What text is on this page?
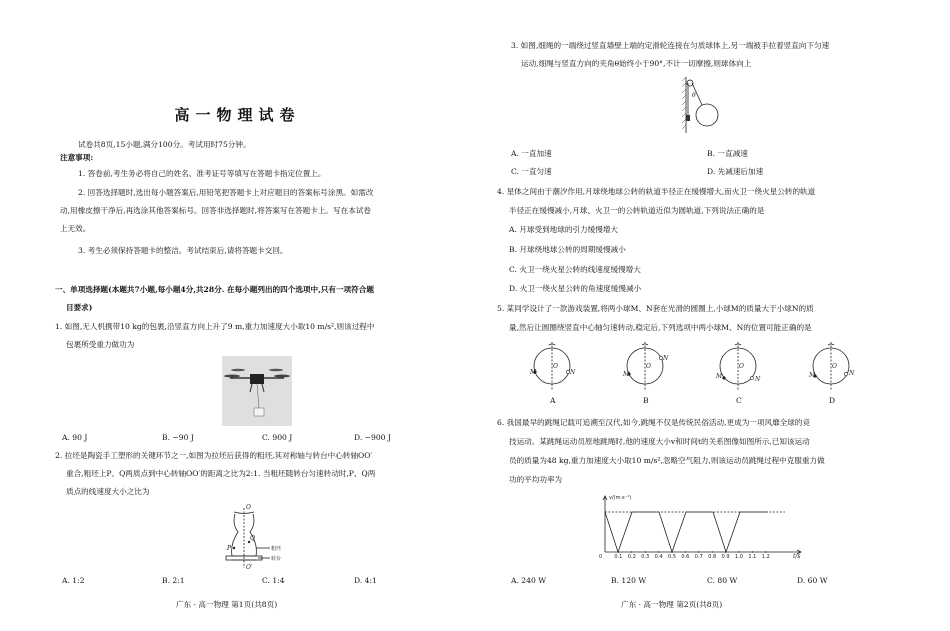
高一物理试卷
试卷共8页,15小题,满分100分。考试用时75分钟。
注意事项:
1. 答卷前,考生务必将自己的姓名、准考证号等填写在答题卡指定位置上。
2. 回答选择题时,选出每小题答案后,用铅笔把答题卡上对应题目的答案标号涂黑。如需改
动,用橡皮擦干净后,再选涂其他答案标号。回答非选择题时,将答案写在答题卡上。写在本试卷
上无效。
3. 考生必须保持答题卡的整洁。考试结束后,请将答题卡交回。
一、单项选择题(本题共7小题,每小题4分,共28分. 在每小题列出的四个选项中,只有一项符合题
目要求)
1. 如图,无人机携带10 kg的包裹,沿竖直方向上升了9 m,重力加速度大小取10 m/s²,则该过程中
包裹所受重力做功为
A. 90 J	B. −90 J	C. 900 J	D. −900 J
2. 拉坯是陶瓷手工塑形的关键环节之一,如图为拉坯后获得的粗坯,其对称轴与转台中心转轴OO′
重合,粗坯上P、Q两质点到中心转轴OO′的距离之比为2:1. 当粗坯随转台匀速转动时,P、Q两
质点的线速度大小之比为
O
O′
P
Q
粗坯
转台
A. 1:2	B. 2:1	C. 1:4	D. 4:1
广东 · 高一物理 第1页(共8页)
3. 如图,细绳的一端绕过竖直墙壁上端的定滑轮连接在匀质球体上,另一端被手拉着竖直向下匀速
运动,细绳与竖直方向的夹角θ始终小于90°,不计一切摩擦,则球体向上
θ
A. 一直加速	B. 一直减速
C. 一直匀速	D. 先减速后加速
4. 星体之间由于潮汐作用,月球绕地球公转的轨道半径正在缓慢增大,而火卫一绕火星公转的轨道
半径正在缓慢减小,月球、火卫一的公转轨道近似为圆轨道,下列说法正确的是
A. 月球受到地球的引力缓慢增大
B. 月球绕地球公转的周期缓慢减小
C. 火卫一绕火星公转的线速度缓慢增大
D. 火卫一绕火星公转的角速度缓慢减小
5. 某同学设计了一款游戏装置,将两小球M、N套在光滑的圆圈上,小球M的质量大于小球N的质
量,然后让圆圈绕竖直中心轴匀速转动,稳定后,下列选项中两小球M、N的位置可能正确的是
M	N
O
M
N
O
M	N
O
M	N
O
A	B	C	D
6. 我国最早的跳绳记载可追溯至汉代,如今,跳绳不仅是传统民俗活动,更成为一项风靡全球的竞
技运动。某跳绳运动员原地跳绳时,他的速度大小v和时间t的关系图像如图所示,已知该运动
员的质量为48 kg,重力加速度大小取10 m/s²,忽略空气阻力,则该运动员跳绳过程中克服重力做
功的平均功率为
v/(m·s⁻¹)
t/s
0 0.1 0.2 0.3 0.4 0.5 0.6 0.7 0.8 0.9 1.0 1.1 1.2
A. 240 W	B. 120 W	C. 80 W	D. 60 W
广东 · 高一物理 第2页(共8页)
